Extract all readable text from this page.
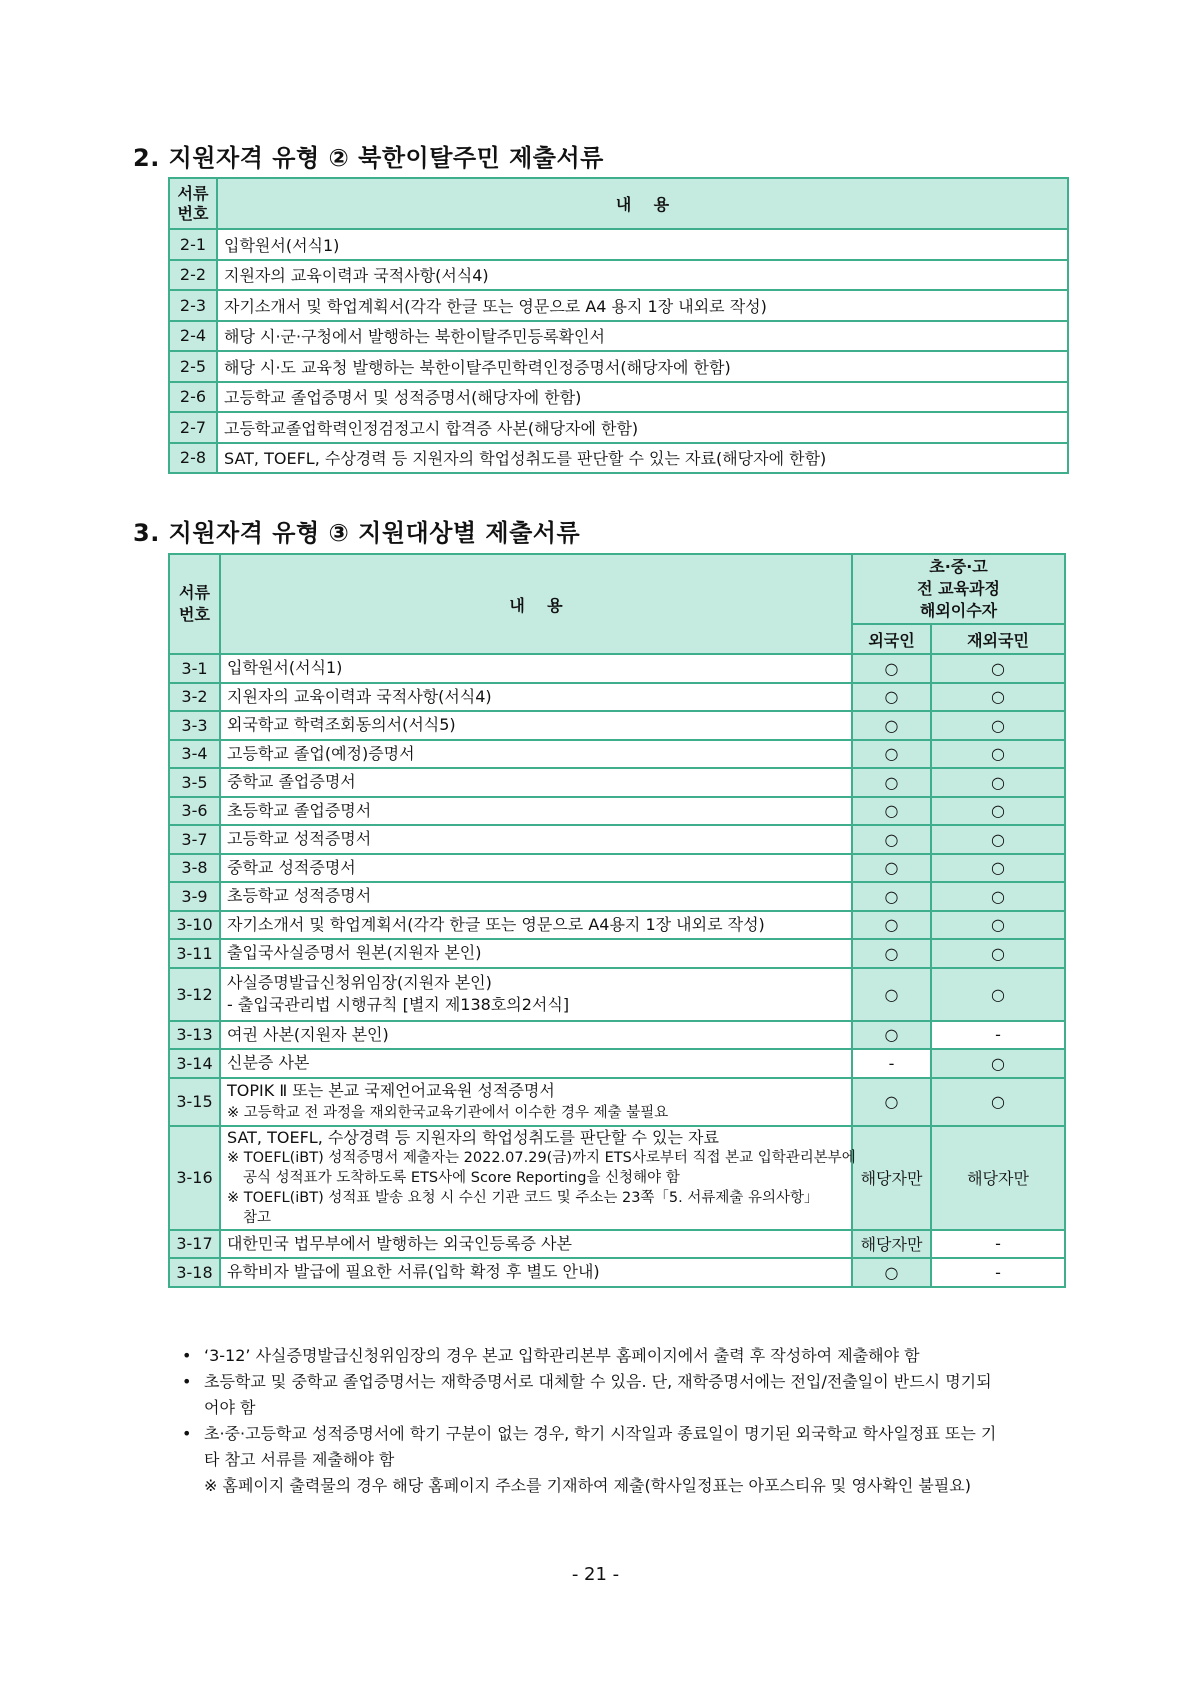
2. 지원자격 유형 ② 북한이탈주민 제출서류
서류
번호	내    용
2-1	입학원서(서식1)
2-2	지원자의 교육이력과 국적사항(서식4)
2-3	자기소개서 및 학업계획서(각각 한글 또는 영문으로 A4 용지 1장 내외로 작성)
2-4	해당 시·군·구청에서 발행하는 북한이탈주민등록확인서
2-5	해당 시·도 교육청 발행하는 북한이탈주민학력인정증명서(해당자에 한함)
2-6	고등학교 졸업증명서 및 성적증명서(해당자에 한함)
2-7	고등학교졸업학력인정검정고시 합격증 사본(해당자에 한함)
2-8	SAT, TOEFL, 수상경력 등 지원자의 학업성취도를 판단할 수 있는 자료(해당자에 한함)
3. 지원자격 유형 ③ 지원대상별 제출서류
서류
번호	내    용	초·중·고
전 교육과정
해외이수자	
		외국인	재외국민
3-1	입학원서(서식1)	○	○
3-2	지원자의 교육이력과 국적사항(서식4)	○	○
3-3	외국학교 학력조회동의서(서식5)	○	○
3-4	고등학교 졸업(예정)증명서	○	○
3-5	중학교 졸업증명서	○	○
3-6	초등학교 졸업증명서	○	○
3-7	고등학교 성적증명서	○	○
3-8	중학교 성적증명서	○	○
3-9	초등학교 성적증명서	○	○
3-10	자기소개서 및 학업계획서(각각 한글 또는 영문으로 A4용지 1장 내외로 작성)	○	○
3-11	출입국사실증명서 원본(지원자 본인)	○	○
3-12	사실증명발급신청위임장(지원자 본인)
- 출입국관리법 시행규칙 [별지 제138호의2서식]	○	○
3-13	여권 사본(지원자 본인)	○	-
3-14	신분증 사본	-	○
3-15	TOPIK Ⅱ 또는 본교 국제언어교육원 성적증명서
※ 고등학교 전 과정을 재외한국교육기관에서 이수한 경우 제출 불필요	○	○
3-16	SAT, TOEFL, 수상경력 등 지원자의 학업성취도를 판단할 수 있는 자료
※ TOEFL(iBT) 성적증명서 제출자는 2022.07.29(금)까지 ETS사로부터 직접 본교 입학관리본부에
공식 성적표가 도착하도록 ETS사에 Score Reporting을 신청해야 함
※ TOEFL(iBT) 성적표 발송 요청 시 수신 기관 코드 및 주소는 23쪽「5. 서류제출 유의사항」
참고	해당자만	해당자만
3-17	대한민국 법무부에서 발행하는 외국인등록증 사본	해당자만	-
3-18	유학비자 발급에 필요한 서류(입학 확정 후 별도 안내)	○	-
• ‘3-12’ 사실증명발급신청위임장의 경우 본교 입학관리본부 홈페이지에서 출력 후 작성하여 제출해야 함
• 초등학교 및 중학교 졸업증명서는 재학증명서로 대체할 수 있음. 단, 재학증명서에는 전입/전출일이 반드시 명기되
어야 함
• 초·중·고등학교 성적증명서에 학기 구분이 없는 경우, 학기 시작일과 종료일이 명기된 외국학교 학사일정표 또는 기
타 참고 서류를 제출해야 함
※ 홈페이지 출력물의 경우 해당 홈페이지 주소를 기재하여 제출(학사일정표는 아포스티유 및 영사확인 불필요)
- 21 -
